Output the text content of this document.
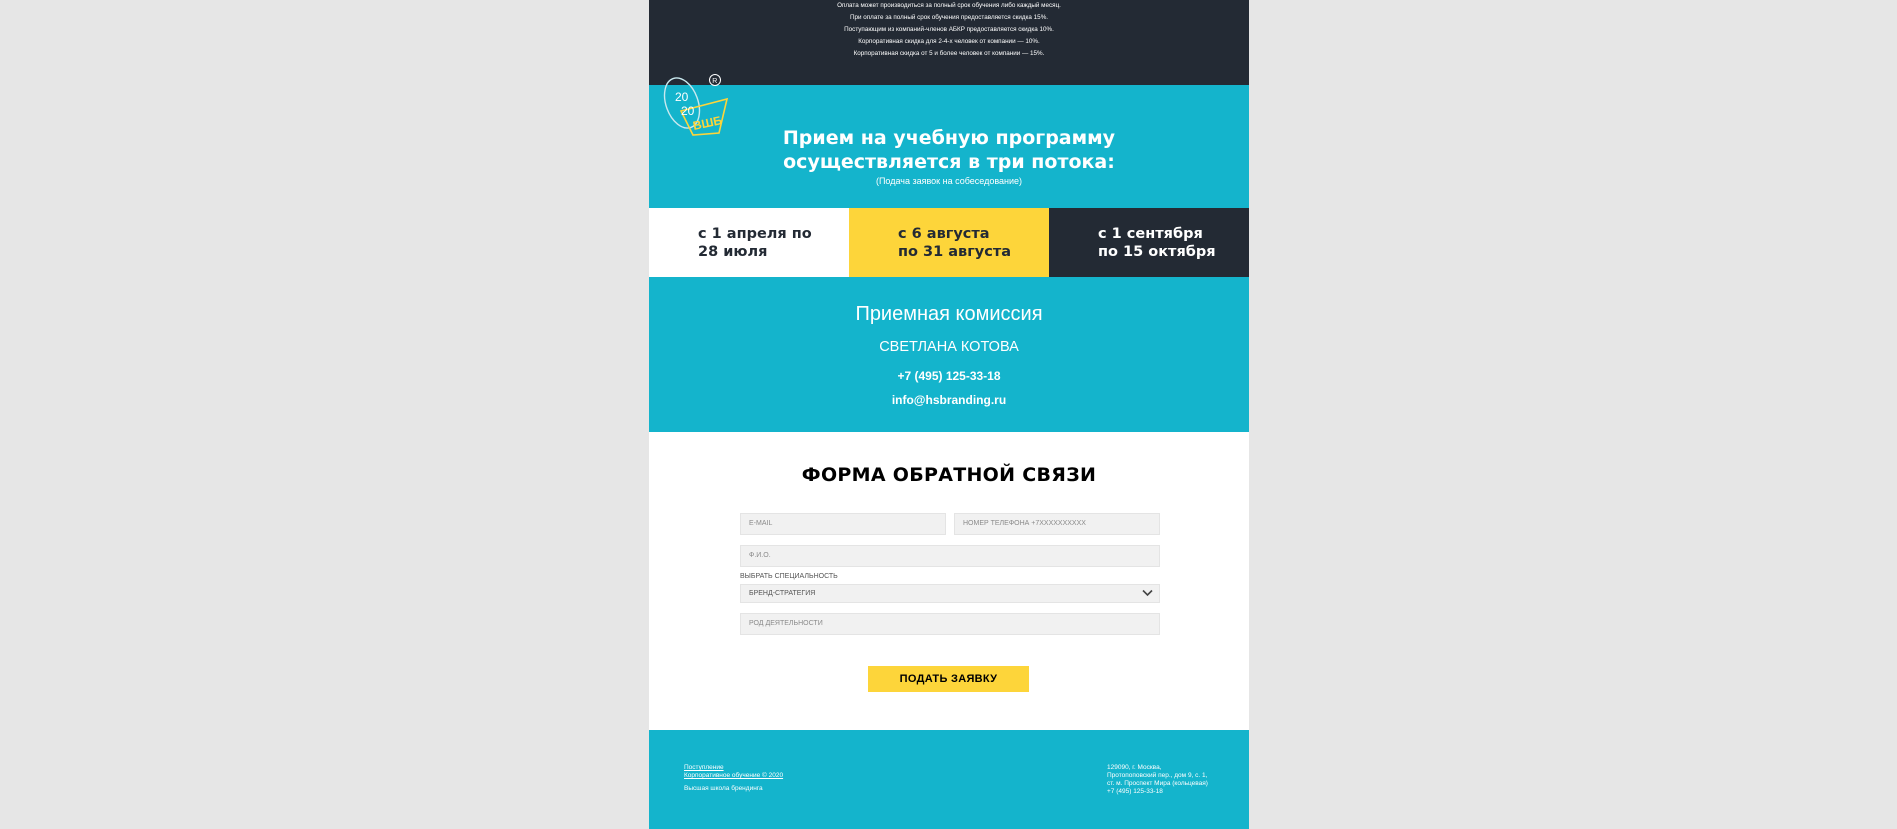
Оплата может производиться за полный срок обучения либо каждый месяц.
При оплате за полный срок обучения предоставляется скидка 15%.
Поступающим из компаний-членов АБКР предоставляется скидка 10%.
Корпоративная скидка для 2-4-х человек от компании — 10%.
Корпоративная скидка от 5 и более человек от компании — 15%.
20
20
ВШБ
R
Прием на учебную программу
осуществляется в три потока:
(Подача заявок на собеседование)
с 1 апреля по
28 июля
с 6 августа
по 31 августа
с 1 сентября
по 15 октября
Приемная комиссия
СВЕТЛАНА КОТОВА
+7 (495) 125-33-18
info@hsbranding.ru
ФОРМА ОБРАТНОЙ СВЯЗИ
E-MAIL	НОМЕР ТЕЛЕФОНА +7XXXXXXXXXX
Ф.И.О.
ВЫБРАТЬ СПЕЦИАЛЬНОСТЬ
БРЕНД-СТРАТЕГИЯ
РОД ДЕЯТЕЛЬНОСТИ
ПОДАТЬ ЗАЯВКУ
Поступление
Корпоративное обучение © 2020
Высшая школа брендинга
129090, г. Москва,
Протопоповский пер., дом 9, с. 1,
ст. м. Проспект Мира (кольцевая)
+7 (495) 125-33-18
